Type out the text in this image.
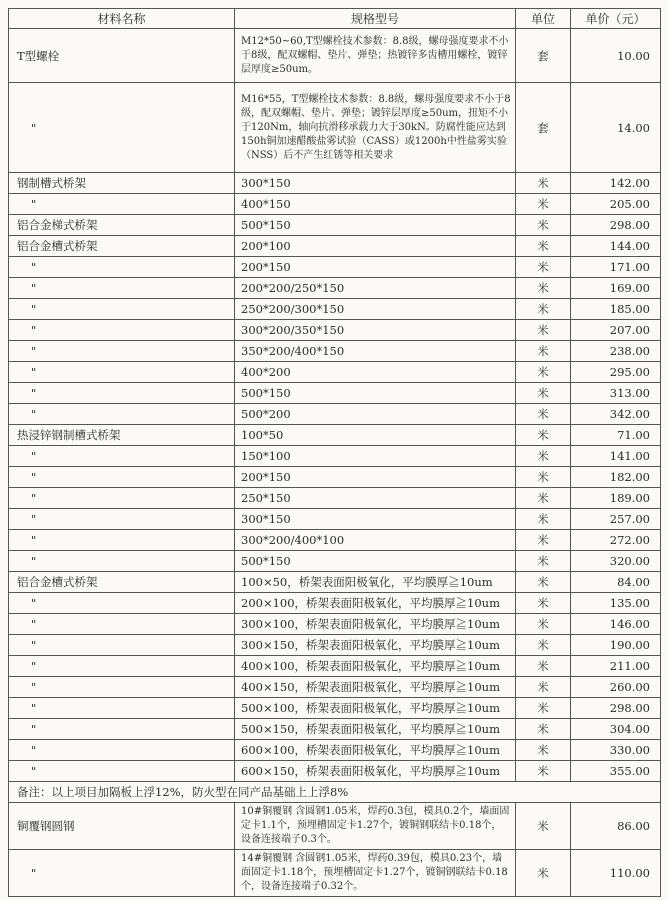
材料名称	规格型号	单位	单价（元）
T型螺栓	M12*50~60,T型螺栓技术参数：8.8级，螺母强度要求不小于8级，配双螺帽、垫片、弹垫；热镀锌多齿槽用螺栓，镀锌层厚度≥50um。	套	10.00
"	M16*55，T型螺栓技术参数：8.8级，螺母强度要求不小于8级，配双螺帽、垫片、弹垫；镀锌层厚度≥50um，扭矩不小于120Nm，轴向抗滑移承载力大于30kN。防腐性能应达到150h铜加速醋酸盐雾试验（CASS）或1200h中性盐雾实验（NSS）后不产生红锈等相关要求	套	14.00
钢制槽式桥架	300*150	米	142.00
"	400*150	米	205.00
铝合金梯式桥架	500*150	米	298.00
铝合金槽式桥架	200*100	米	144.00
"	200*150	米	171.00
"	200*200/250*150	米	169.00
"	250*200/300*150	米	185.00
"	300*200/350*150	米	207.00
"	350*200/400*150	米	238.00
"	400*200	米	295.00
"	500*150	米	313.00
"	500*200	米	342.00
热浸锌钢制槽式桥架	100*50	米	71.00
"	150*100	米	141.00
"	200*150	米	182.00
"	250*150	米	189.00
"	300*150	米	257.00
"	300*200/400*100	米	272.00
"	500*150	米	320.00
铝合金槽式桥架	100×50，桥架表面阳极氧化，平均膜厚≧10um	米	84.00
"	200×100，桥架表面阳极氧化，平均膜厚≧10um	米	135.00
"	300×100，桥架表面阳极氧化，平均膜厚≧10um	米	146.00
"	300×150，桥架表面阳极氧化，平均膜厚≧10um	米	190.00
"	400×100，桥架表面阳极氧化，平均膜厚≧10um	米	211.00
"	400×150，桥架表面阳极氧化，平均膜厚≧10um	米	260.00
"	500×100，桥架表面阳极氧化，平均膜厚≧10um	米	298.00
"	500×150，桥架表面阳极氧化，平均膜厚≧10um	米	304.00
"	600×100，桥架表面阳极氧化，平均膜厚≧10um	米	330.00
"	600×150，桥架表面阳极氧化，平均膜厚≧10um	米	355.00
备注：以上项目加隔板上浮12%，防火型在同产品基础上上浮8%			
铜覆钢圆钢	10#铜覆钢 含圆钢1.05米，焊药0.3包，模具0.2个，墙面固定卡1.1个，预埋槽固定卡1.27个，镀铜钢联结卡0.18个，设备连接端子0.3个。	米	86.00
"	14#铜覆钢 含圆钢1.05米，焊药0.39包，模具0.23个，墙面固定卡1.18个，预埋槽固定卡1.27个，镀铜钢联结卡0.18个，设备连接端子0.32个。	米	110.00
